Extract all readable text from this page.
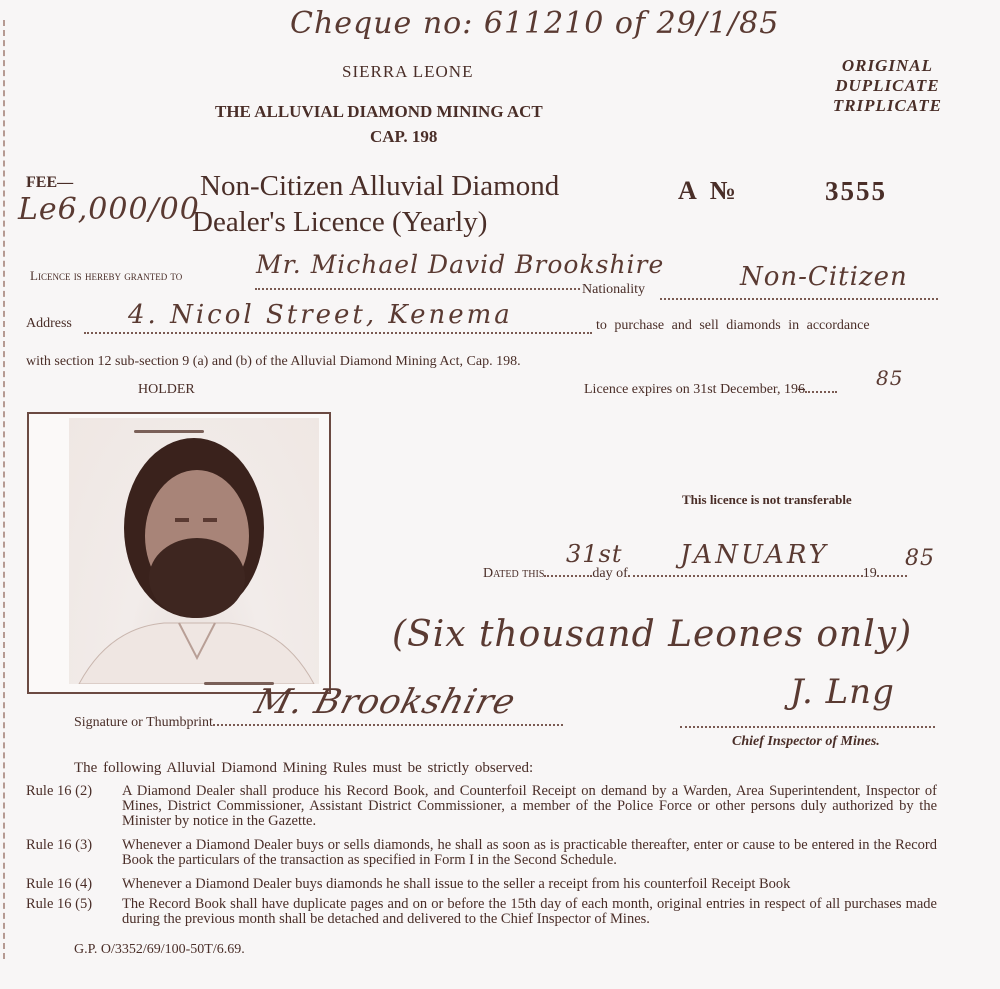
Cheque no: 611210 of 29/1/85
SIERRA LEONE
THE ALLUVIAL DIAMOND MINING ACT
CAP. 198
ORIGINAL
DUPLICATE
TRIPLICATE
FEE—
Le6,000/00
Non-Citizen Alluvial Diamond
Dealer's Licence (Yearly)
A №	3555
Licence is hereby granted to	Mr. Michael David Brookshire
Nationality	Non-Citizen
Address 4. Nicol Street, Kenema	to purchase and sell diamonds in accordance
with section 12 sub-section 9 (a) and (b) of the Alluvial Diamond Mining Act, Cap. 198.
HOLDER	Licence expires on 31st December, 196	85
This licence is not transferable
Dated this	day of	19
31st JANUARY	85
(Six thousand Leones only)
Signature or Thumbprint
M. Brookshire	J. Lng
Chief Inspector of Mines.
The following Alluvial Diamond Mining Rules must be strictly observed:
Rule 16 (2) A Diamond Dealer shall produce his Record Book, and Counterfoil Receipt on demand by a Warden, Area Superintendent, Inspector of Mines, District Commissioner, Assistant District Commissioner, a member of the Police Force or other persons duly authorized by the Minister by notice in the Gazette.
Rule 16 (3) Whenever a Diamond Dealer buys or sells diamonds, he shall as soon as is practicable thereafter, enter or cause to be entered in the Record Book the particulars of the transaction as specified in Form I in the Second Schedule.
Rule 16 (4) Whenever a Diamond Dealer buys diamonds he shall issue to the seller a receipt from his counterfoil Receipt Book
Rule 16 (5) The Record Book shall have duplicate pages and on or before the 15th day of each month, original entries in respect of all purchases made during the previous month shall be detached and delivered to the Chief Inspector of Mines.
G.P. O/3352/69/100-50T/6.69.
